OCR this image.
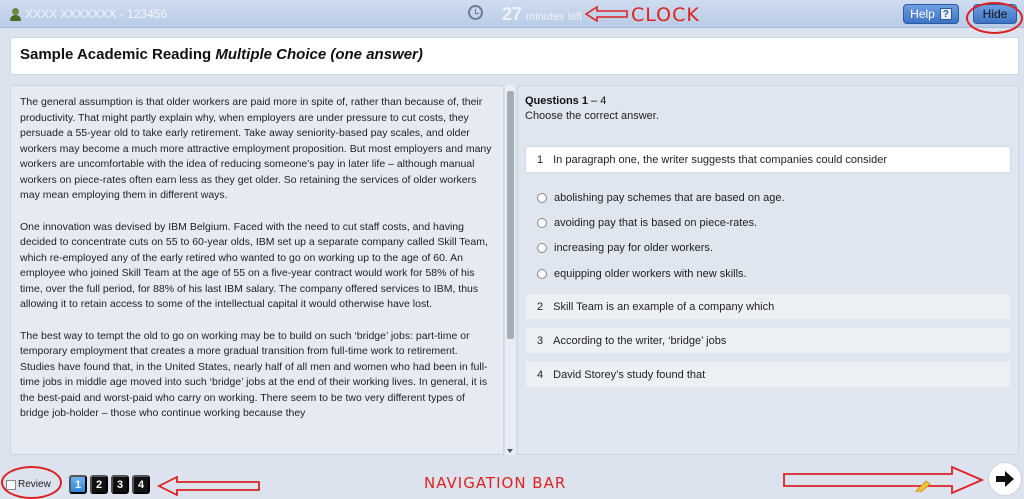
XXXX XXXXXXX - 123456	27 minutes left	Help ?	Hide
CLOCK
Sample Academic Reading Multiple Choice (one answer)

The general assumption is that older workers are paid more in spite of, rather than because of, their productivity. That might partly explain why, when employers are under pressure to cut costs, they persuade a 55-year old to take early retirement. Take away seniority-based pay scales, and older workers may become a much more attractive employment proposition. But most employers and many workers are uncomfortable with the idea of reducing someone’s pay in later life – although manual workers on piece-rates often earn less as they get older. So retaining the services of older workers may mean employing them in different ways.

One innovation was devised by IBM Belgium. Faced with the need to cut staff costs, and having decided to concentrate cuts on 55 to 60-year olds, IBM set up a separate company called Skill Team, which re-employed any of the early retired who wanted to go on working up to the age of 60. An employee who joined Skill Team at the age of 55 on a five-year contract would work for 58% of his time, over the full period, for 88% of his last IBM salary. The company offered services to IBM, thus allowing it to retain access to some of the intellectual capital it would otherwise have lost.

The best way to tempt the old to go on working may be to build on such ‘bridge’ jobs: part-time or temporary employment that creates a more gradual transition from full-time work to retirement. Studies have found that, in the United States, nearly half of all men and women who had been in full-time jobs in middle age moved into such ‘bridge’ jobs at the end of their working lives. In general, it is the best-paid and worst-paid who carry on working. There seem to be two very different types of bridge job-holder – those who continue working because they

Questions 1 – 4
Choose the correct answer.
1 In paragraph one, the writer suggests that companies could consider
abolishing pay schemes that are based on age.
avoiding pay that is based on piece-rates.
increasing pay for older workers.
equipping older workers with new skills.
2 Skill Team is an example of a company which
3 According to the writer, ‘bridge’ jobs
4 David Storey’s study found that
Review	1	2	3	4	NAVIGATION BAR
